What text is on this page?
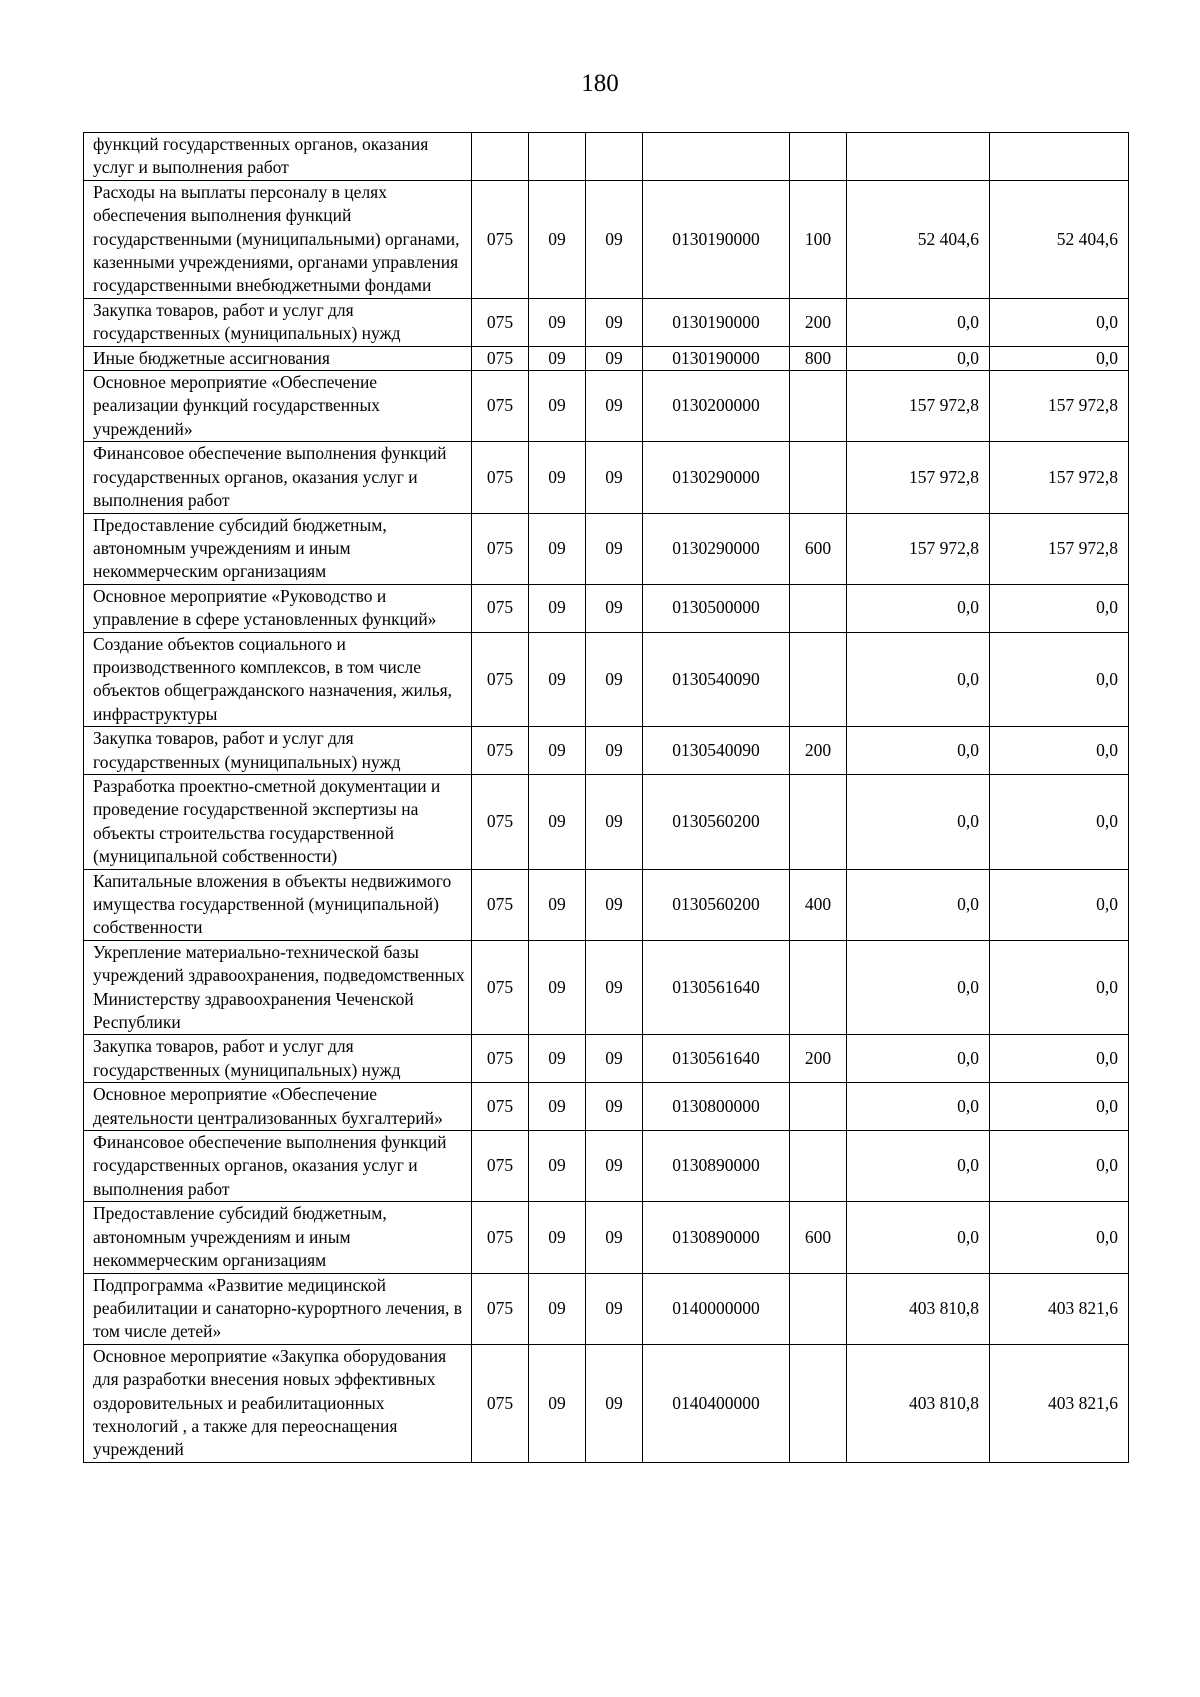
180
функций государственных органов, оказания услуг и выполнения работ							
Расходы на выплаты персоналу в целях обеспечения выполнения функций государственными (муниципальными) органами, казенными учреждениями, органами управления государственными внебюджетными фондами	075	09	09	0130190000	100	52 404,6	52 404,6
Закупка товаров, работ и услуг для государственных (муниципальных) нужд	075	09	09	0130190000	200	0,0	0,0
Иные бюджетные ассигнования	075	09	09	0130190000	800	0,0	0,0
Основное мероприятие «Обеспечение реализации функций государственных учреждений»	075	09	09	0130200000		157 972,8	157 972,8
Финансовое обеспечение выполнения функций государственных органов, оказания услуг и выполнения работ	075	09	09	0130290000		157 972,8	157 972,8
Предоставление субсидий бюджетным, автономным учреждениям и иным некоммерческим организациям	075	09	09	0130290000	600	157 972,8	157 972,8
Основное мероприятие «Руководство и управление в сфере установленных функций»	075	09	09	0130500000		0,0	0,0
Создание объектов социального и производственного комплексов, в том числе объектов общегражданского назначения, жилья, инфраструктуры	075	09	09	0130540090		0,0	0,0
Закупка товаров, работ и услуг для государственных (муниципальных) нужд	075	09	09	0130540090	200	0,0	0,0
Разработка проектно-сметной документации и проведение государственной экспертизы на объекты строительства государственной (муниципальной собственности)	075	09	09	0130560200		0,0	0,0
Капитальные вложения в объекты недвижимого имущества государственной (муниципальной) собственности	075	09	09	0130560200	400	0,0	0,0
Укрепление материально-технической базы учреждений здравоохранения, подведомственных Министерству здравоохранения Чеченской Республики	075	09	09	0130561640		0,0	0,0
Закупка товаров, работ и услуг для государственных (муниципальных) нужд	075	09	09	0130561640	200	0,0	0,0
Основное мероприятие «Обеспечение деятельности централизованных бухгалтерий»	075	09	09	0130800000		0,0	0,0
Финансовое обеспечение выполнения функций государственных органов, оказания услуг и выполнения работ	075	09	09	0130890000		0,0	0,0
Предоставление субсидий бюджетным, автономным учреждениям и иным некоммерческим организациям	075	09	09	0130890000	600	0,0	0,0
Подпрограмма «Развитие медицинской реабилитации и санаторно-курортного лечения, в том числе детей»	075	09	09	0140000000		403 810,8	403 821,6
Основное мероприятие «Закупка оборудования для разработки внесения новых эффективных оздоровительных и реабилитационных технологий , а также для переоснащения учреждений	075	09	09	0140400000		403 810,8	403 821,6
